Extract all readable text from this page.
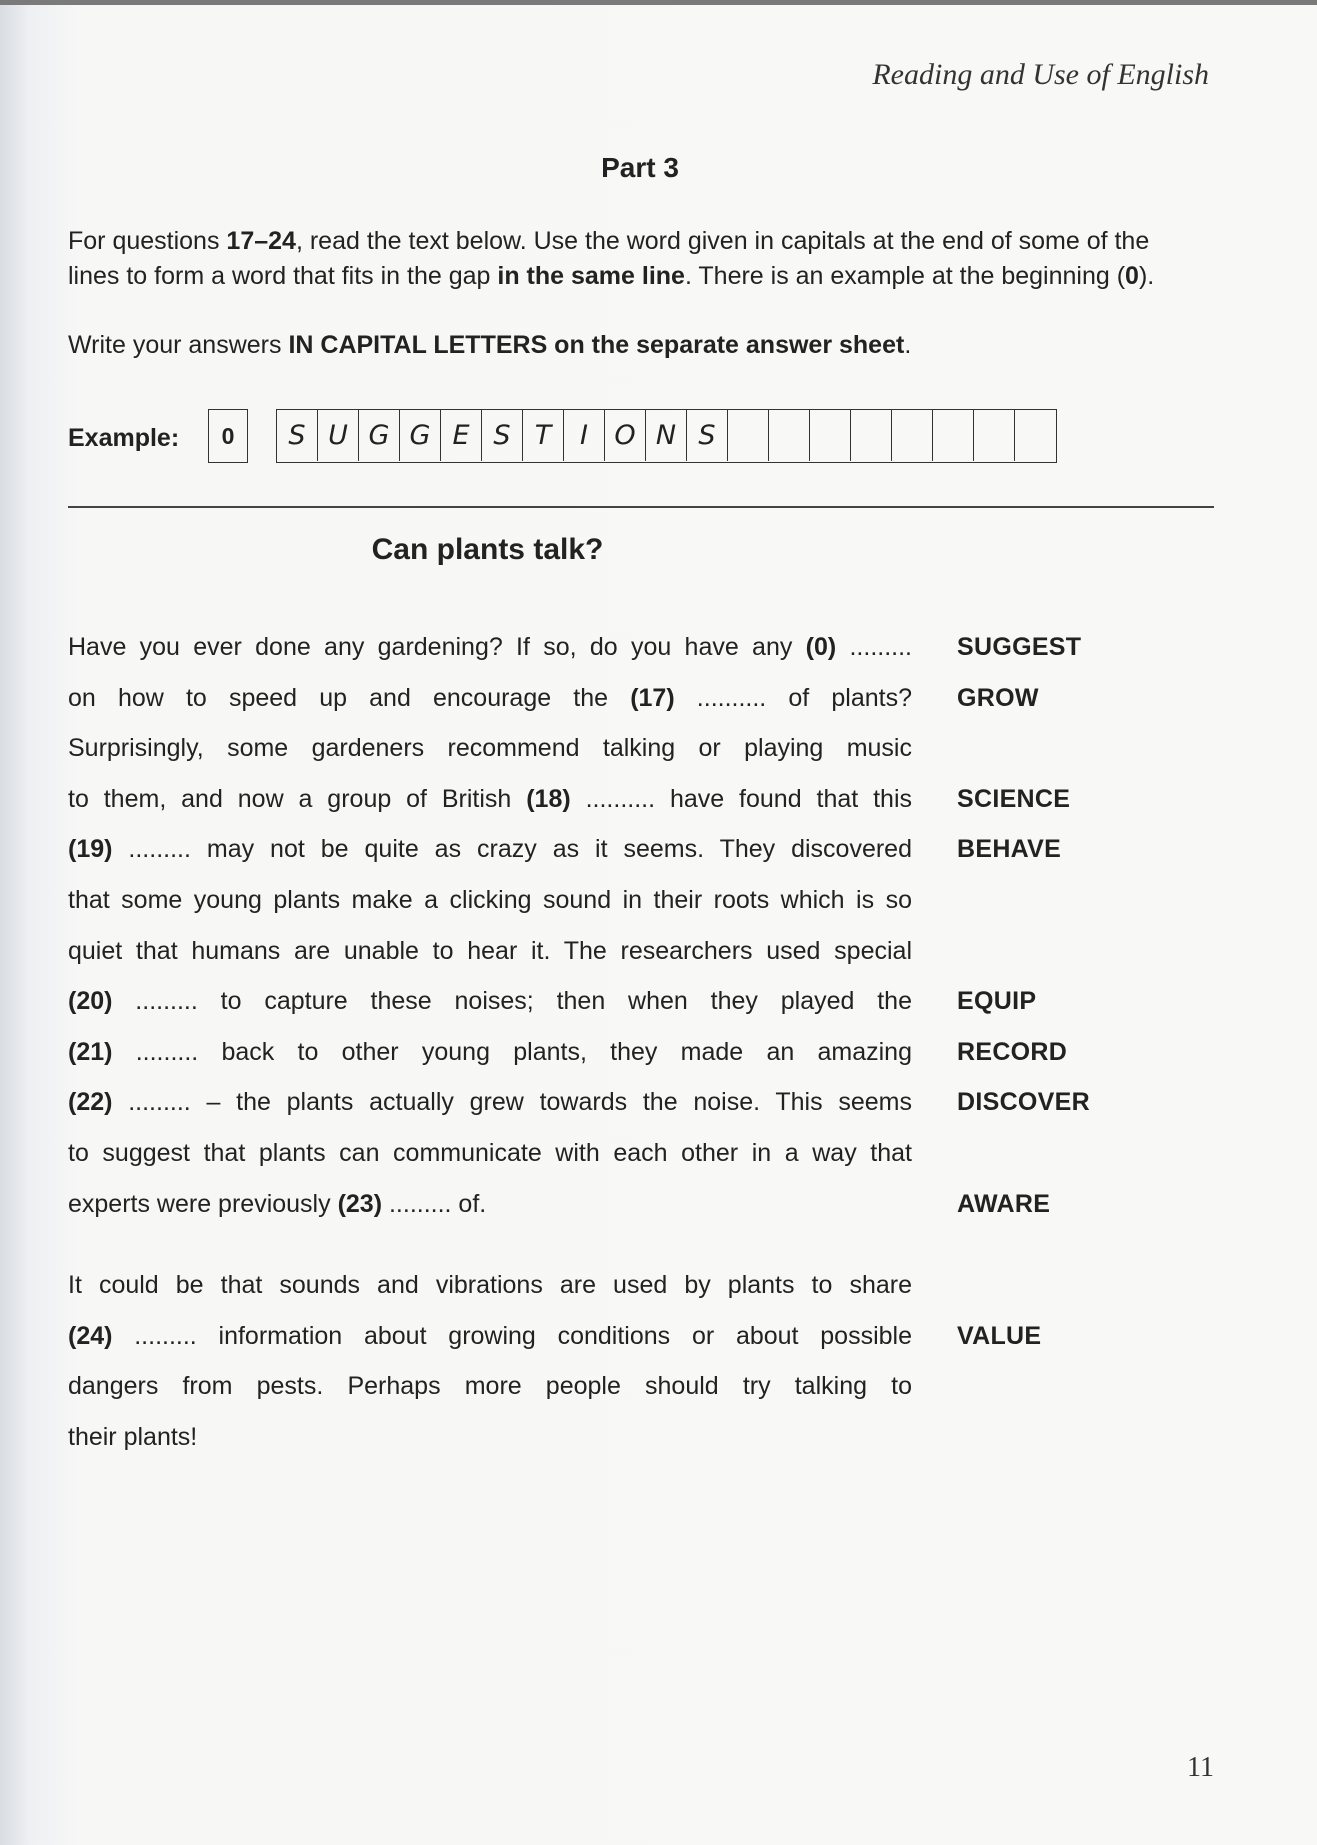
Reading and Use of English
Part 3
For questions 17–24, read the text below. Use the word given in capitals at the end of some of the
lines to form a word that fits in the gap in the same line. There is an example at the beginning (0).
Write your answers IN CAPITAL LETTERS on the separate answer sheet.
Example:	0	S U G G E S T	I O N S
Can plants talk?
Have you ever done any gardening? If so, do you have any (0) ......... SUGGEST
on how to speed up and encourage the (17) .......... of plants? GROW
Surprisingly, some gardeners recommend talking or playing music
to them, and now a group of British (18) .......... have found that this SCIENCE
(19) ......... may not be quite as crazy as it seems. They discovered BEHAVE
that some young plants make a clicking sound in their roots which is so
quiet that humans are unable to hear it. The researchers used special
(20) ......... to capture these noises; then when they played the EQUIP
(21) ......... back to other young plants, they made an amazing RECORD
(22) ......... – the plants actually grew towards the noise. This seems DISCOVER
to suggest that plants can communicate with each other in a way that
experts were previously (23) ......... of.	AWARE
It could be that sounds and vibrations are used by plants to share
(24) ......... information about growing conditions or about possible VALUE
dangers from pests. Perhaps more people should try talking to
their plants!
11
